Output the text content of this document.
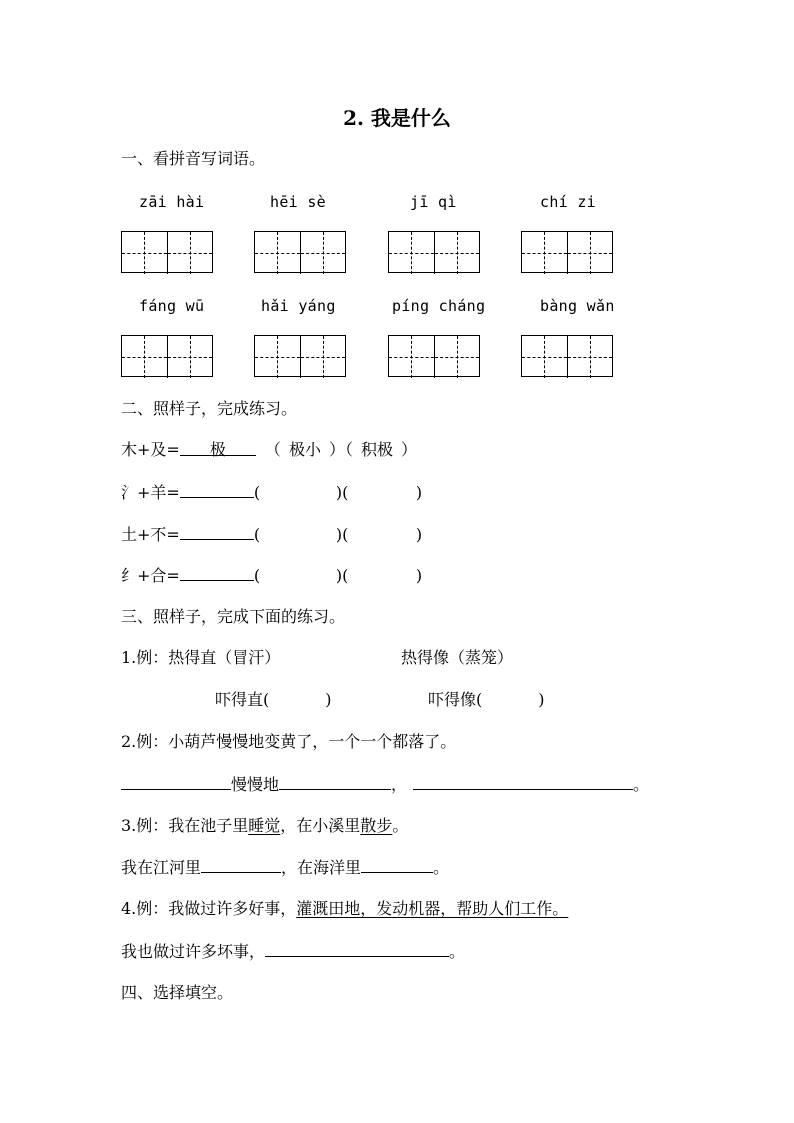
2. 我是什么
一、看拼音写词语。
zāi hài	hēi sè	jī qì	chí zi
fáng wū	hǎi yáng	píng cháng	bàng wǎn
二、照样子，完成练习。
木+及= 极 （ 极小 ）（ 积极 ）
氵+羊=	(	)(	)
土+不=	(	)(	)
纟+合=	(	)(	)
三、照样子，完成下面的练习。
1.例：热得直（冒汗）	热得像（蒸笼）
吓得直(	)	吓得像(	)
2.例：小葫芦慢慢地变黄了，一个一个都落了。
慢慢地	，	。
3.例：我在池子里睡觉，在小溪里散步。
我在江河里	，在海洋里	。
4.例：我做过许多好事，灌溉田地，发动机器，帮助人们工作。
我也做过许多坏事，	。
四、选择填空。
